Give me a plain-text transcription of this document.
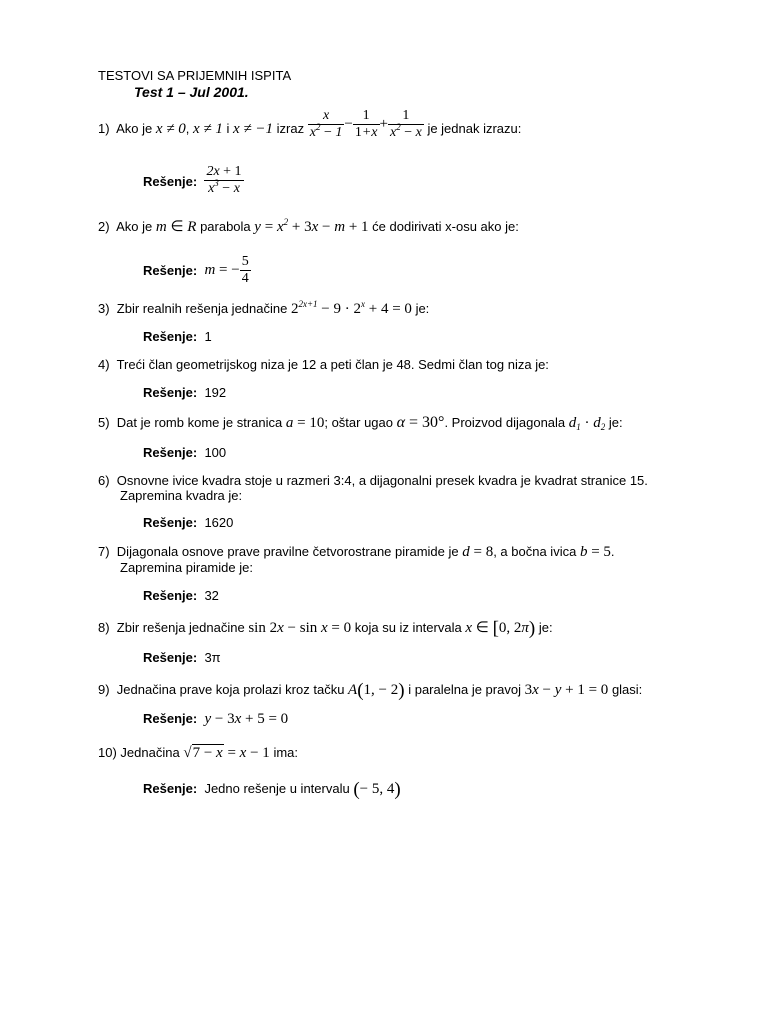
TESTOVI SA PRIJEMNIH ISPITA
Test 1 – Jul 2001.
1) Ako je x ≠ 0, x ≠ 1 i x ≠ −1 izraz $\frac{x}{x^2 - 1} - \frac{1}{1+x} + \frac{1}{x^2 - x}$ je jednak izrazu:
Rešenje: $\frac{2x + 1}{x^3 - x}$
2) Ako je m ∈ R parabola $y = x^2 + 3x - m + 1$ će dodirivati x-osu ako je:
Rešenje: m = − $\frac{5}{4}$
3) Zbir realnih rešenja jednačine $2^{2x+1} - 9 \cdot 2^x + 4 = 0$ je:
Rešenje: 1
4) Treći član geometrijskog niza je 12 a peti član je 48. Sedmi član tog niza je:
Rešenje: 192
5) Dat je romb kome je stranica a = 10; oštar ugao α = 30°. Proizvod dijagonala $d_1 \cdot d_2$ je:
Rešenje: 100
6) Osnovne ivice kvadra stoje u razmeri 3:4, a dijagonalni presek kvadra je kvadrat stranice 15.
Zapremina kvadra je:
Rešenje: 1620
7) Dijagonala osnove prave pravilne četvorostrane piramide je d = 8, a bočna ivica b = 5.
Zapremina piramide je:
Rešenje: 32
8) Zbir rešenja jednačine sin 2x − sin x = 0 koja su iz intervala x ∈ [0, 2π) je:
Rešenje: 3π
9) Jednačina prave koja prolazi kroz tačku A(1, − 2) i paralelna je pravoj 3x − y + 1 = 0 glasi:
Rešenje: y − 3x + 5 = 0
10) Jednačina √7 − x = x − 1 ima:
Rešenje: Jedno rešenje u intervalu (− 5, 4)
